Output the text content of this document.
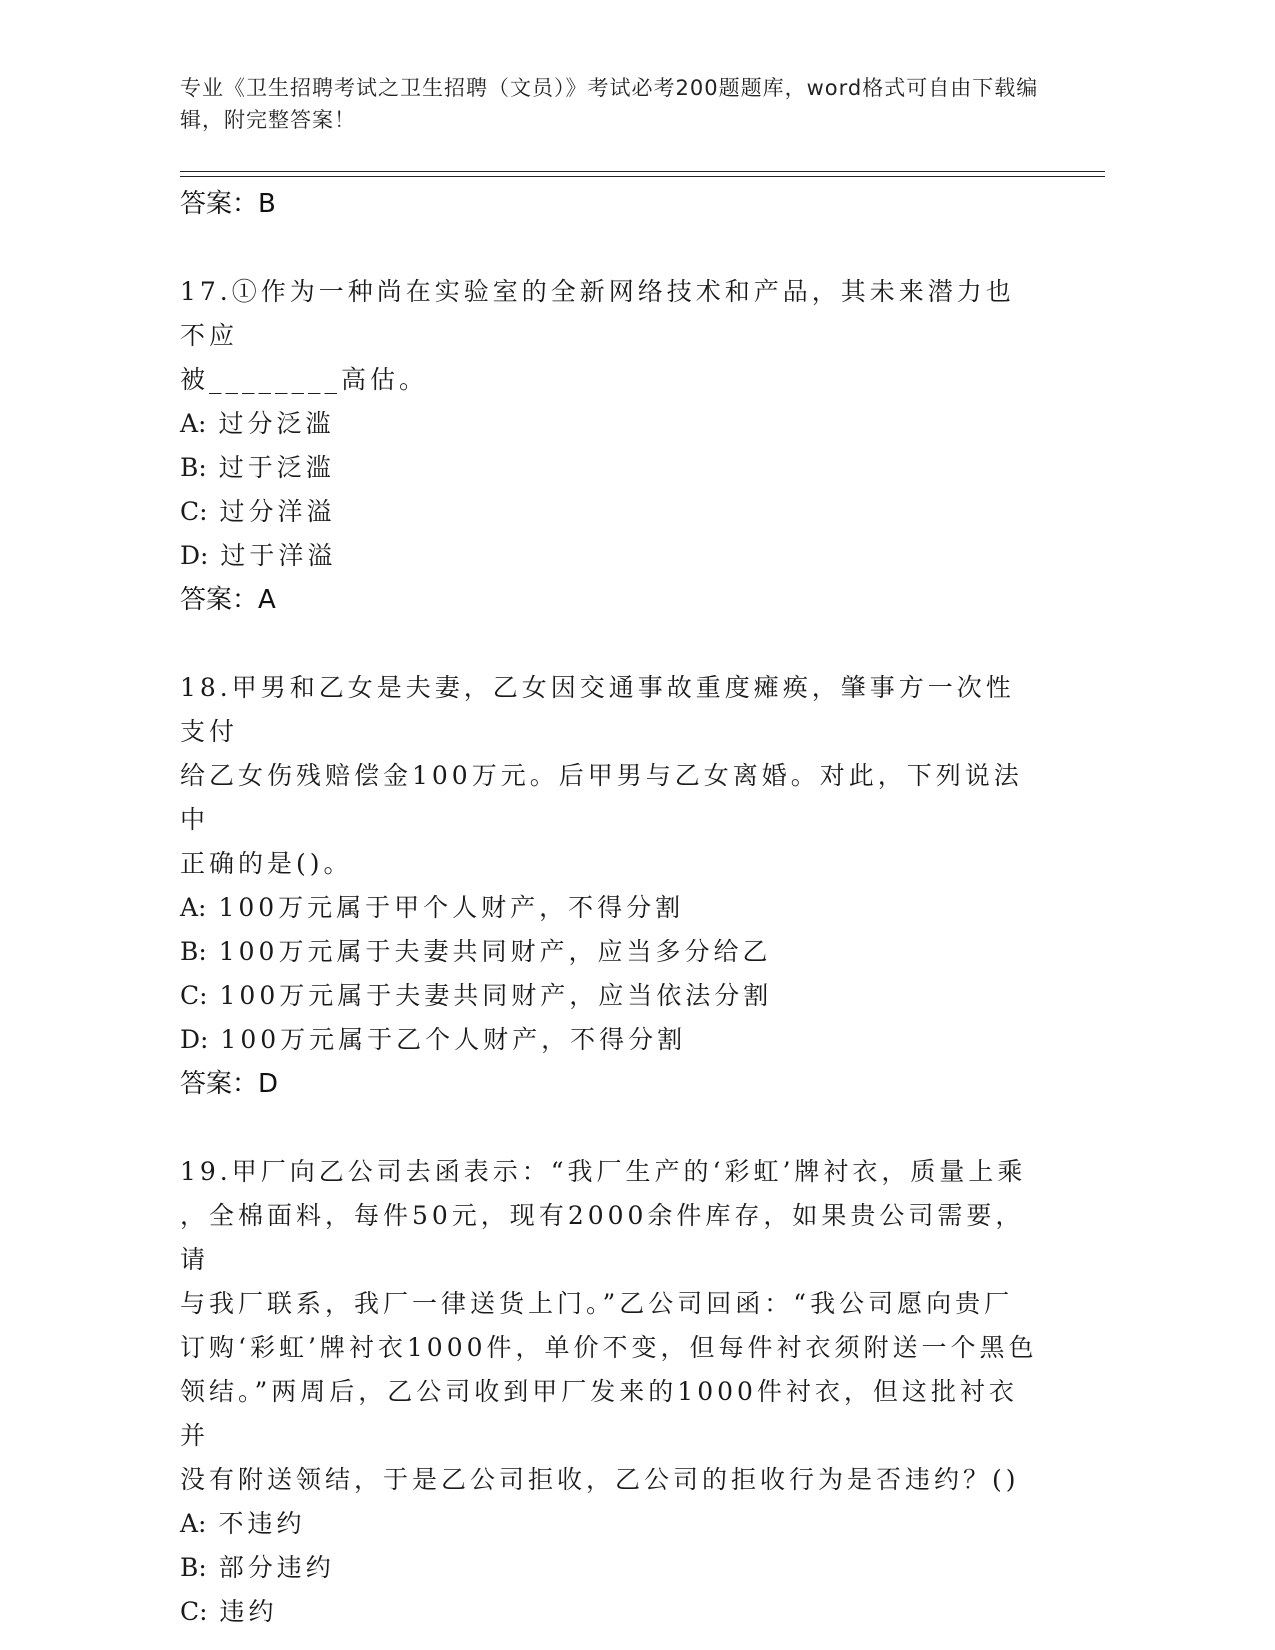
专业《卫生招聘考试之卫生招聘（文员）》考试必考200题题库，word格式可自由下载编辑，附完整答案！
答案：B
17.①作为一种尚在实验室的全新网络技术和产品，其未来潜力也不应
被________高估。
A: 过分泛滥
B: 过于泛滥
C: 过分洋溢
D: 过于洋溢
答案：A
18.甲男和乙女是夫妻，乙女因交通事故重度瘫痪，肇事方一次性支付
给乙女伤残赔偿金100万元。后甲男与乙女离婚。对此，下列说法中
正确的是()。
A: 100万元属于甲个人财产，不得分割
B: 100万元属于夫妻共同财产，应当多分给乙
C: 100万元属于夫妻共同财产，应当依法分割
D: 100万元属于乙个人财产，不得分割
答案：D
19.甲厂向乙公司去函表示：“我厂生产的‘彩虹’牌衬衣，质量上乘
，全棉面料，每件50元，现有2000余件库存，如果贵公司需要，请
与我厂联系，我厂一律送货上门。”乙公司回函：“我公司愿向贵厂
订购‘彩虹’牌衬衣1000件，单价不变，但每件衬衣须附送一个黑色
领结。”两周后，乙公司收到甲厂发来的1000件衬衣，但这批衬衣并
没有附送领结，于是乙公司拒收，乙公司的拒收行为是否违约？()
A: 不违约
B: 部分违约
C: 违约
